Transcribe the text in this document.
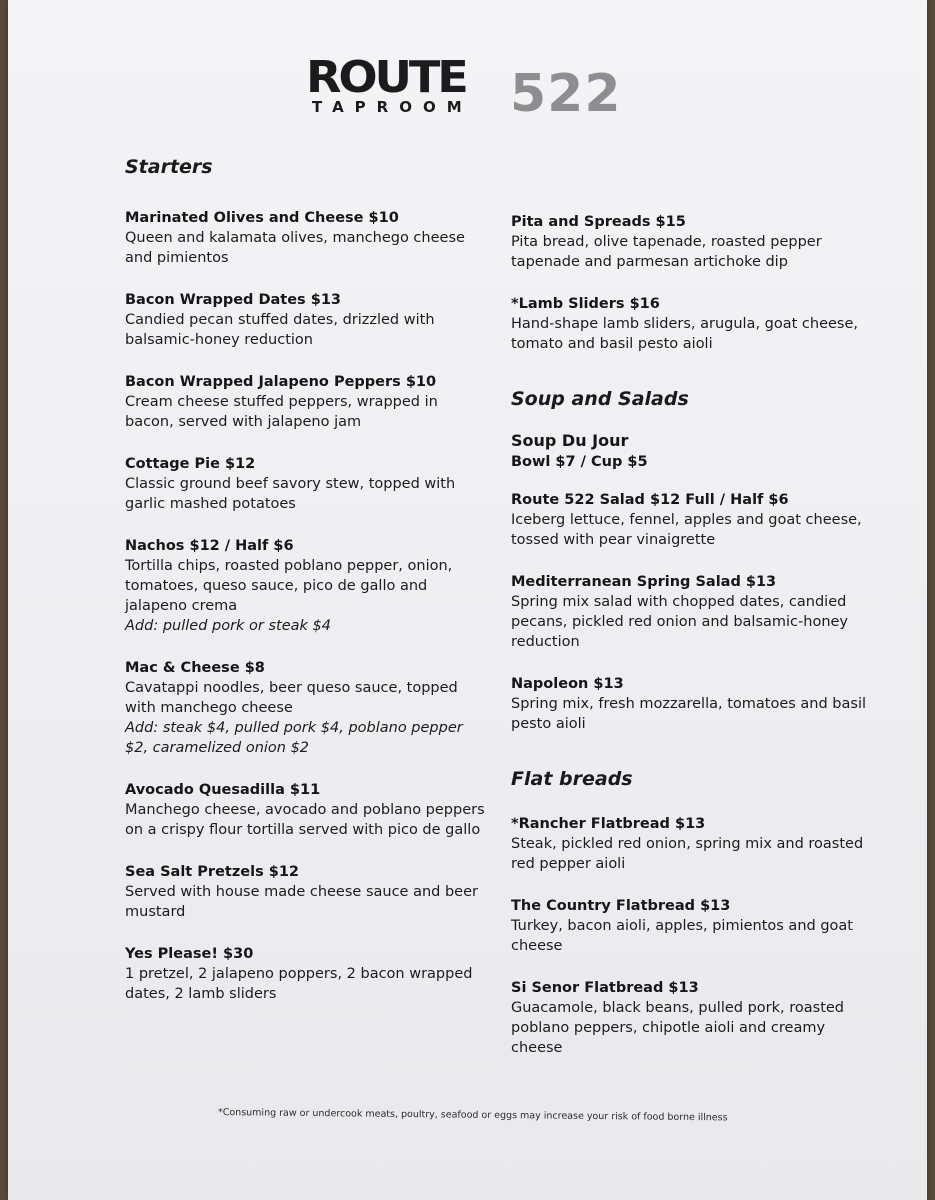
522
ROUTE
TAPROOM
Starters
Marinated Olives and Cheese $10
Queen and kalamata olives, manchego cheese and pimientos
Bacon Wrapped Dates $13
Candied pecan stuffed dates, drizzled with balsamic-honey reduction
Bacon Wrapped Jalapeno Peppers $10
Cream cheese stuffed peppers, wrapped in bacon, served with jalapeno jam
Cottage Pie $12
Classic ground beef savory stew, topped with garlic mashed potatoes
Nachos $12 / Half $6
Tortilla chips, roasted poblano pepper, onion, tomatoes, queso sauce, pico de gallo and jalapeno crema
Add: pulled pork or steak $4
Mac & Cheese $8
Cavatappi noodles, beer queso sauce, topped with manchego cheese
Add: steak $4, pulled pork $4, poblano pepper $2, caramelized onion $2
Avocado Quesadilla $11
Manchego cheese, avocado and poblano peppers on a crispy flour tortilla served with pico de gallo
Sea Salt Pretzels $12
Served with house made cheese sauce and beer mustard
Yes Please! $30
1 pretzel, 2 jalapeno poppers, 2 bacon wrapped dates, 2 lamb sliders
Pita and Spreads $15
Pita bread, olive tapenade, roasted pepper tapenade and parmesan artichoke dip
*Lamb Sliders $16
Hand-shape lamb sliders, arugula, goat cheese, tomato and basil pesto aioli
Soup and Salads
Soup Du Jour
Bowl $7 / Cup $5
Route 522 Salad $12 Full / Half $6
Iceberg lettuce, fennel, apples and goat cheese, tossed with pear vinaigrette
Mediterranean Spring Salad $13
Spring mix salad with chopped dates, candied pecans, pickled red onion and balsamic-honey reduction
Napoleon $13
Spring mix, fresh mozzarella, tomatoes and basil pesto aioli
Flat breads
*Rancher Flatbread $13
Steak, pickled red onion, spring mix and roasted red pepper aioli
The Country Flatbread $13
Turkey, bacon aioli, apples, pimientos and goat cheese
Si Senor Flatbread $13
Guacamole, black beans, pulled pork, roasted poblano peppers, chipotle aioli and creamy cheese
*Consuming raw or undercook meats, poultry, seafood or eggs may increase your risk of food borne illness
